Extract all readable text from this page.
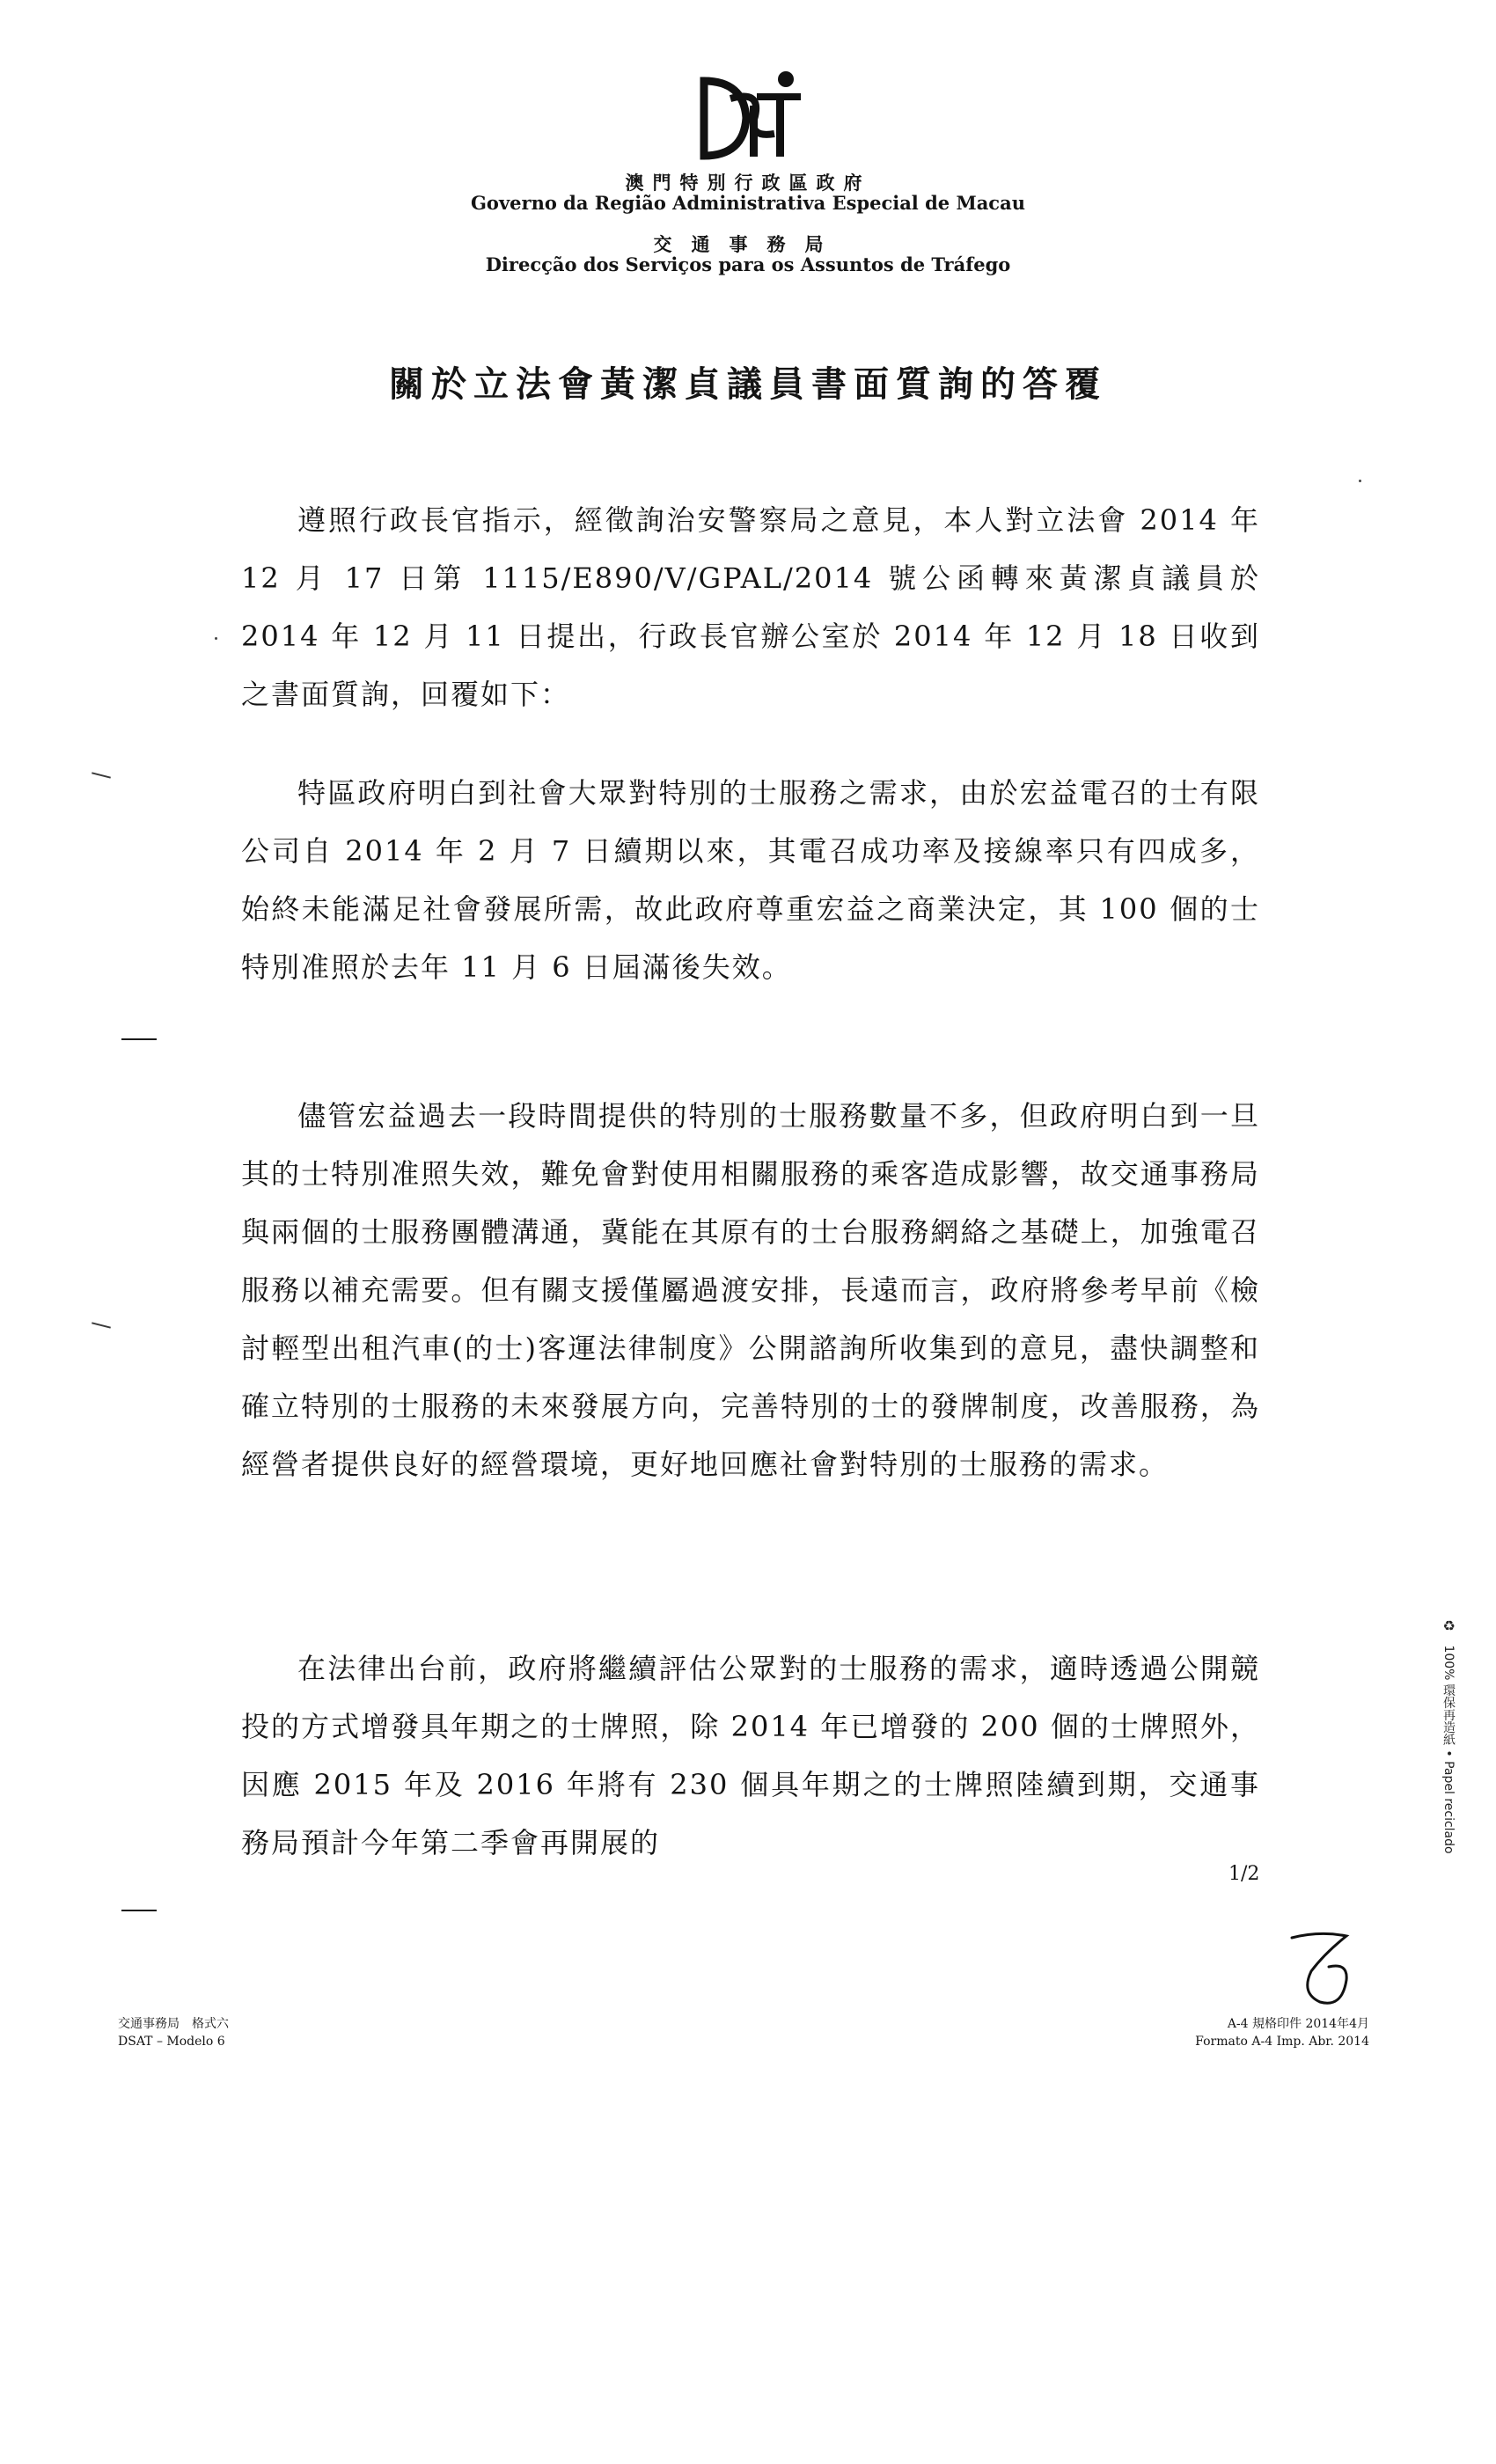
澳門特別行政區政府
Governo da Região Administrativa Especial de Macau
交通事務局
Direcção dos Serviços para os Assuntos de Tráfego
關於立法會黃潔貞議員書面質詢的答覆

遵照行政長官指示，經徵詢治安警察局之意見，本人對立法會 2014 年 12 月 17 日第 1115/E890/V/GPAL/2014 號公函轉來黃潔貞議員於 2014 年 12 月 11 日提出，行政長官辦公室於 2014 年 12 月 18 日收到之書面質詢，回覆如下：

特區政府明白到社會大眾對特別的士服務之需求，由於宏益電召的士有限公司自 2014 年 2 月 7 日續期以來，其電召成功率及接線率只有四成多，始終未能滿足社會發展所需，故此政府尊重宏益之商業決定，其 100 個的士特別准照於去年 11 月 6 日屆滿後失效。

儘管宏益過去一段時間提供的特別的士服務數量不多，但政府明白到一旦其的士特別准照失效，難免會對使用相關服務的乘客造成影響，故交通事務局與兩個的士服務團體溝通，冀能在其原有的士台服務網絡之基礎上，加強電召服務以補充需要。但有關支援僅屬過渡安排，長遠而言，政府將參考早前《檢討輕型出租汽車(的士)客運法律制度》公開諮詢所收集到的意見，盡快調整和確立特別的士服務的未來發展方向，完善特別的士的發牌制度，改善服務，為經營者提供良好的經營環境，更好地回應社會對特別的士服務的需求。

在法律出台前，政府將繼續評估公眾對的士服務的需求，適時透過公開競投的方式增發具年期之的士牌照，除 2014 年已增發的 200 個的士牌照外，因應 2015 年及 2016 年將有 230 個具年期之的士牌照陸續到期，交通事務局預計今年第二季會再開展的

1/2
♻ 100% 環保再造紙 • Papel reciclado
交通事務局　格式六
DSAT – Modelo 6
A-4 規格印件 2014年4月
Formato A-4 Imp. Abr. 2014
